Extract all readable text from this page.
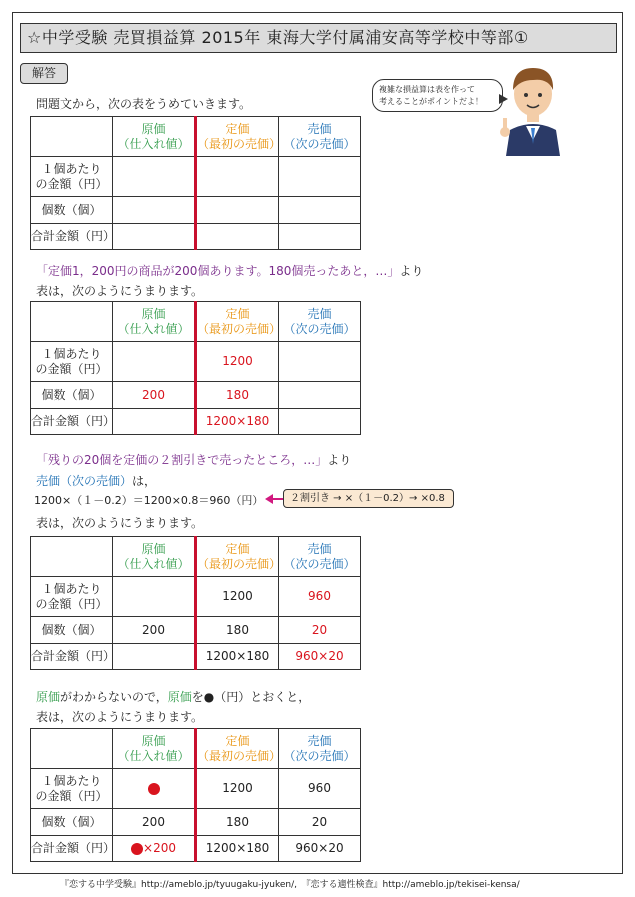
☆中学受験 売買損益算 2015年 東海大学付属浦安高等学校中等部①
解答
複雑な損益算は表を作って
考えることがポイントだよ！
問題文から，次の表をうめていきます。
	原価
（仕入れ値）	定価
（最初の売価）	売価
（次の売価）
１個あたり
の金額（円）			
個数（個）			
合計金額（円）			
「定価1，200円の商品が200個あります。180個売ったあと，…」より
表は，次のようにうまります。
	原価
（仕入れ値）	定価
（最初の売価）	売価
（次の売価）
１個あたり
の金額（円）		1200	
個数（個）	200	180	
合計金額（円）		1200×180	
「残りの20個を定価の２割引きで売ったところ，…」より
売価（次の売価）は，
1200×（１－0.2）＝1200×0.8＝960（円）	２割引き → ×（１－0.2）→ ×0.8
表は，次のようにうまります。
	原価
（仕入れ値）	定価
（最初の売価）	売価
（次の売価）
１個あたり
の金額（円）		1200	960
個数（個）	200	180	20
合計金額（円）		1200×180	960×20
原価がわからないので，原価を●（円）とおくと，
表は，次のようにうまります。
	原価
（仕入れ値）	定価
（最初の売価）	売価
（次の売価）
１個あたり
の金額（円）		1200	960
個数（個）	200	180	20
合計金額（円）	×200	1200×180	960×20
『恋する中学受験』http://ameblo.jp/tyuugaku-jyuken/,　『恋する適性検査』http://ameblo.jp/tekisei-kensa/
